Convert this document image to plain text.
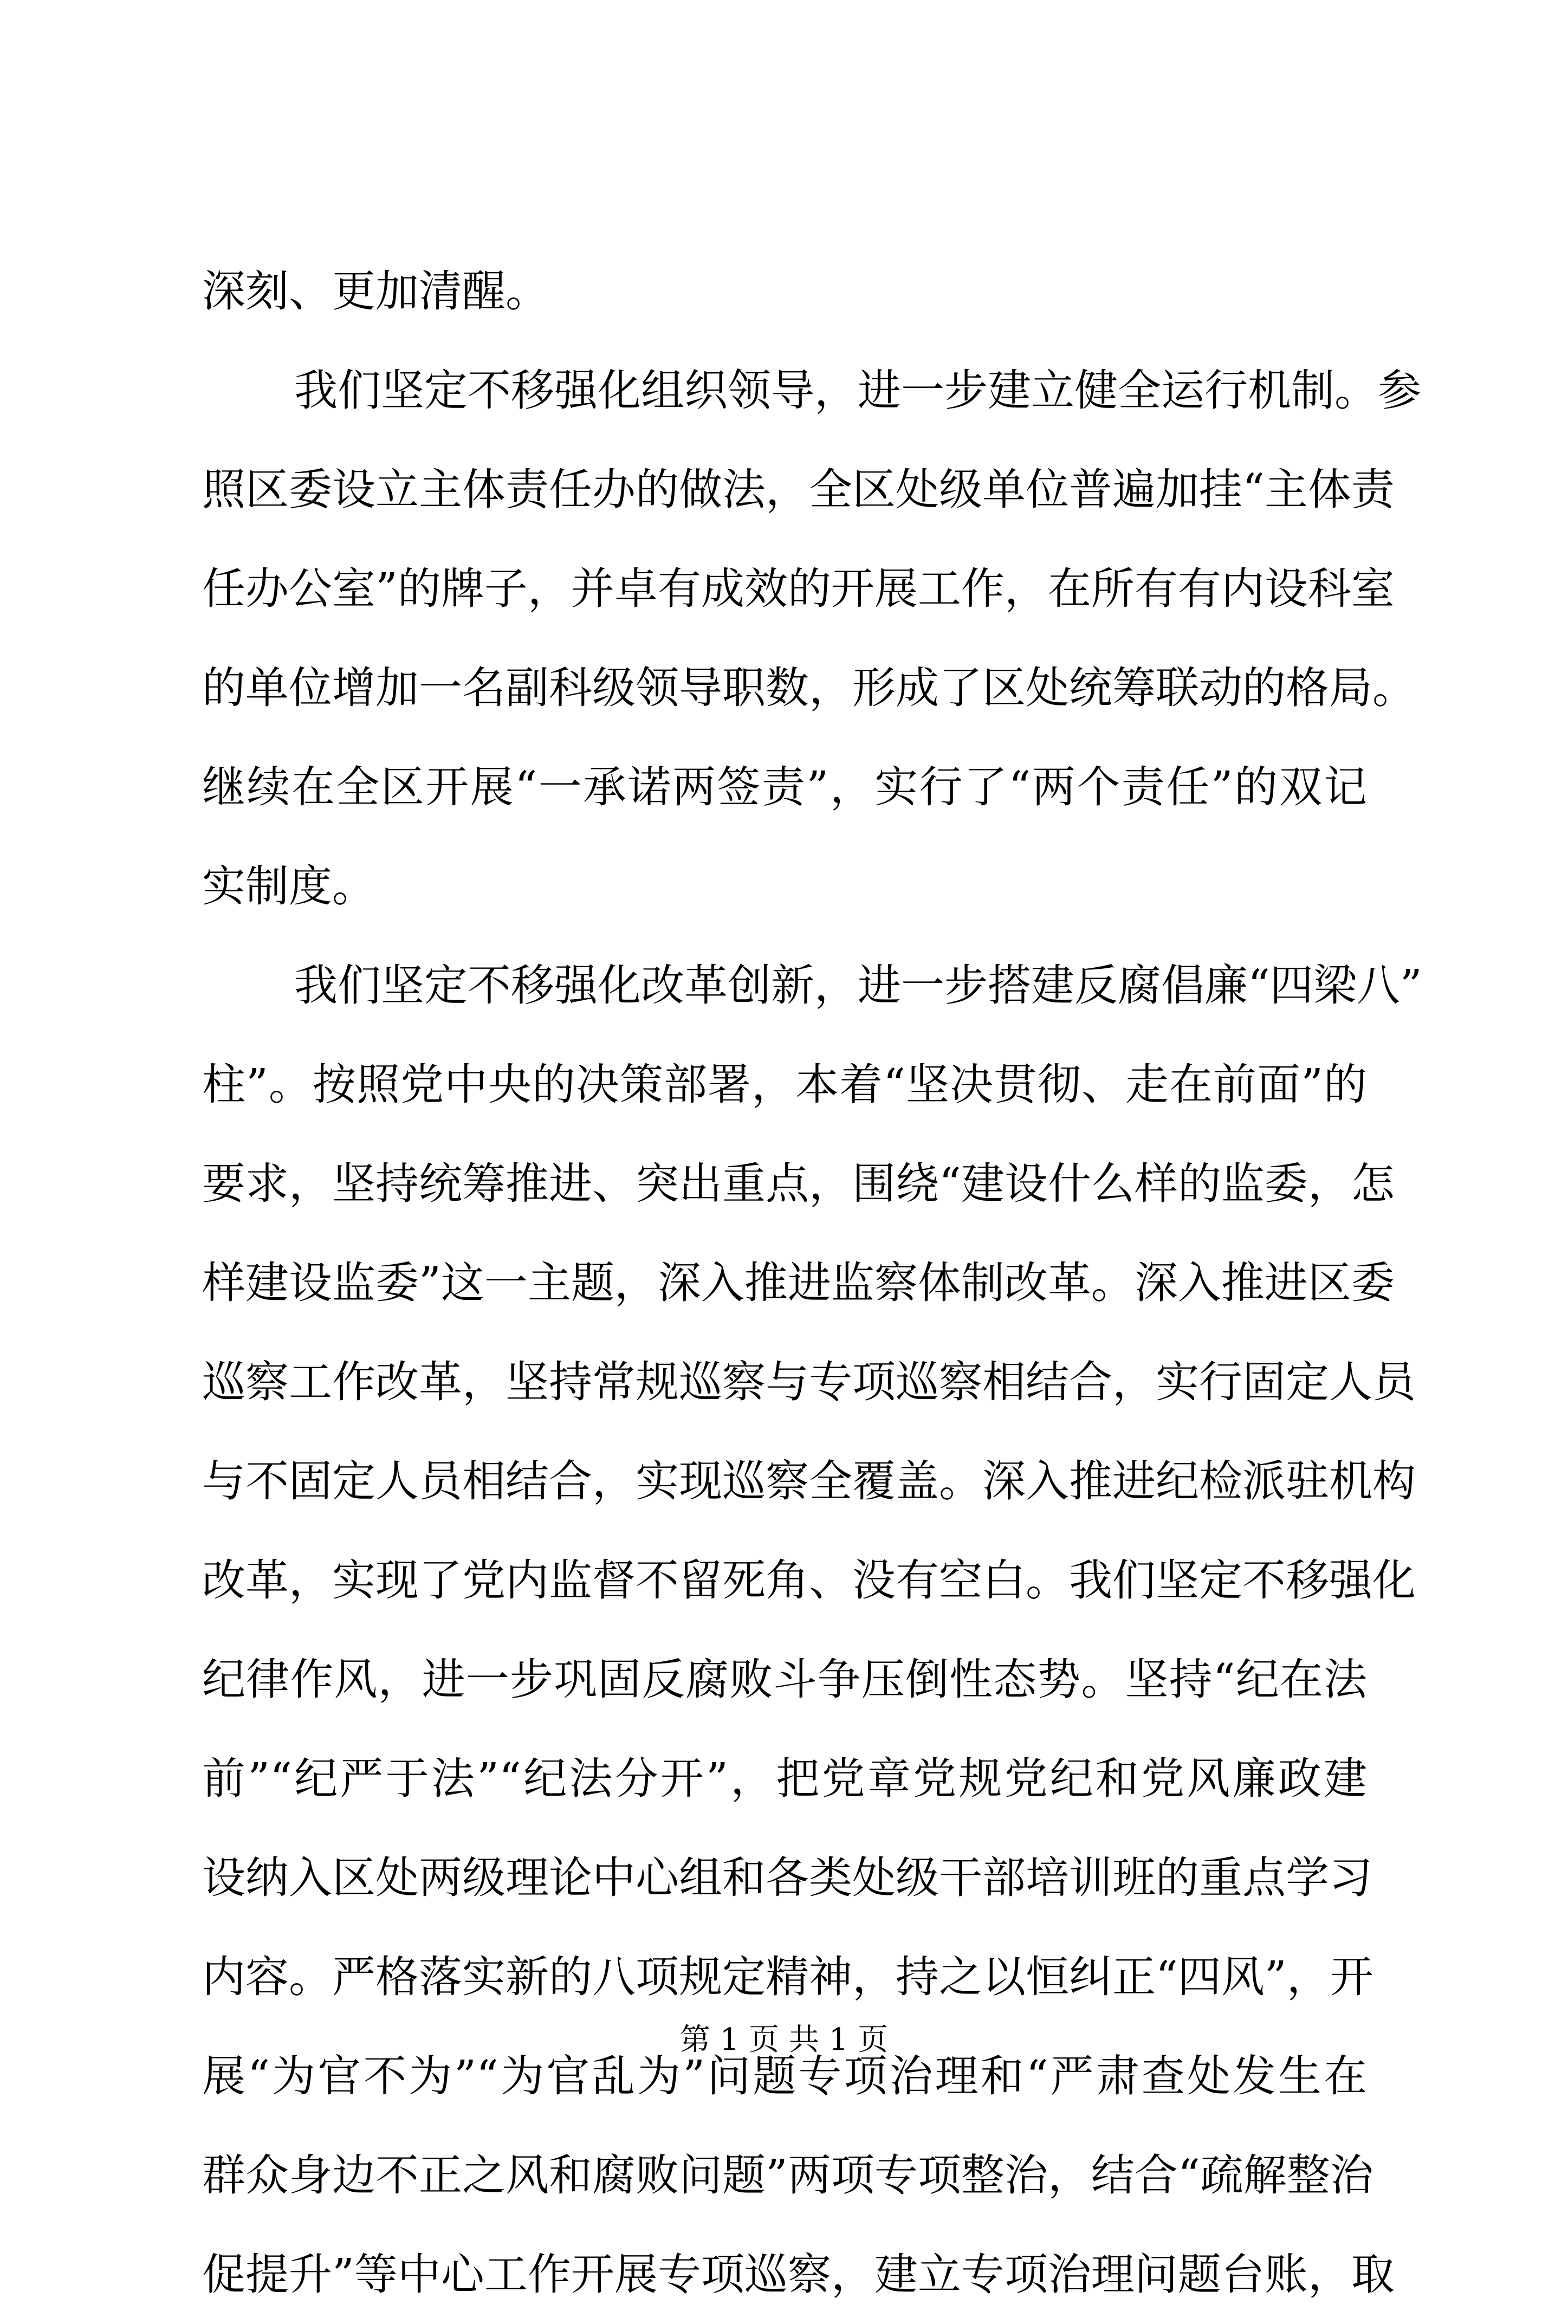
深刻、更加清醒。
我们坚定不移强化组织领导，进一步建立健全运行机制。参
照区委设立主体责任办的做法，全区处级单位普遍加挂“主体责
任办公室”的牌子，并卓有成效的开展工作，在所有有内设科室
的单位增加一名副科级领导职数，形成了区处统筹联动的格局。
继续在全区开展“一承诺两签责”，实行了“两个责任”的双记
实制度。
我们坚定不移强化改革创新，进一步搭建反腐倡廉“四梁八”
柱”。按照党中央的决策部署，本着“坚决贯彻、走在前面”的
要求，坚持统筹推进、突出重点，围绕“建设什么样的监委，怎
样建设监委”这一主题，深入推进监察体制改革。深入推进区委
巡察工作改革，坚持常规巡察与专项巡察相结合，实行固定人员
与不固定人员相结合，实现巡察全覆盖。深入推进纪检派驻机构
改革，实现了党内监督不留死角、没有空白。我们坚定不移强化
纪律作风，进一步巩固反腐败斗争压倒性态势。坚持“纪在法
前”“纪严于法”“纪法分开”，把党章党规党纪和党风廉政建
设纳入区处两级理论中心组和各类处级干部培训班的重点学习
内容。严格落实新的八项规定精神，持之以恒纠正“四风”，开
展“为官不为”“为官乱为”问题专项治理和“严肃查处发生在
群众身边不正之风和腐败问题”两项专项整治，结合“疏解整治
促提升”等中心工作开展专项巡察，建立专项治理问题台账，取
第 1 页 共 1 页
